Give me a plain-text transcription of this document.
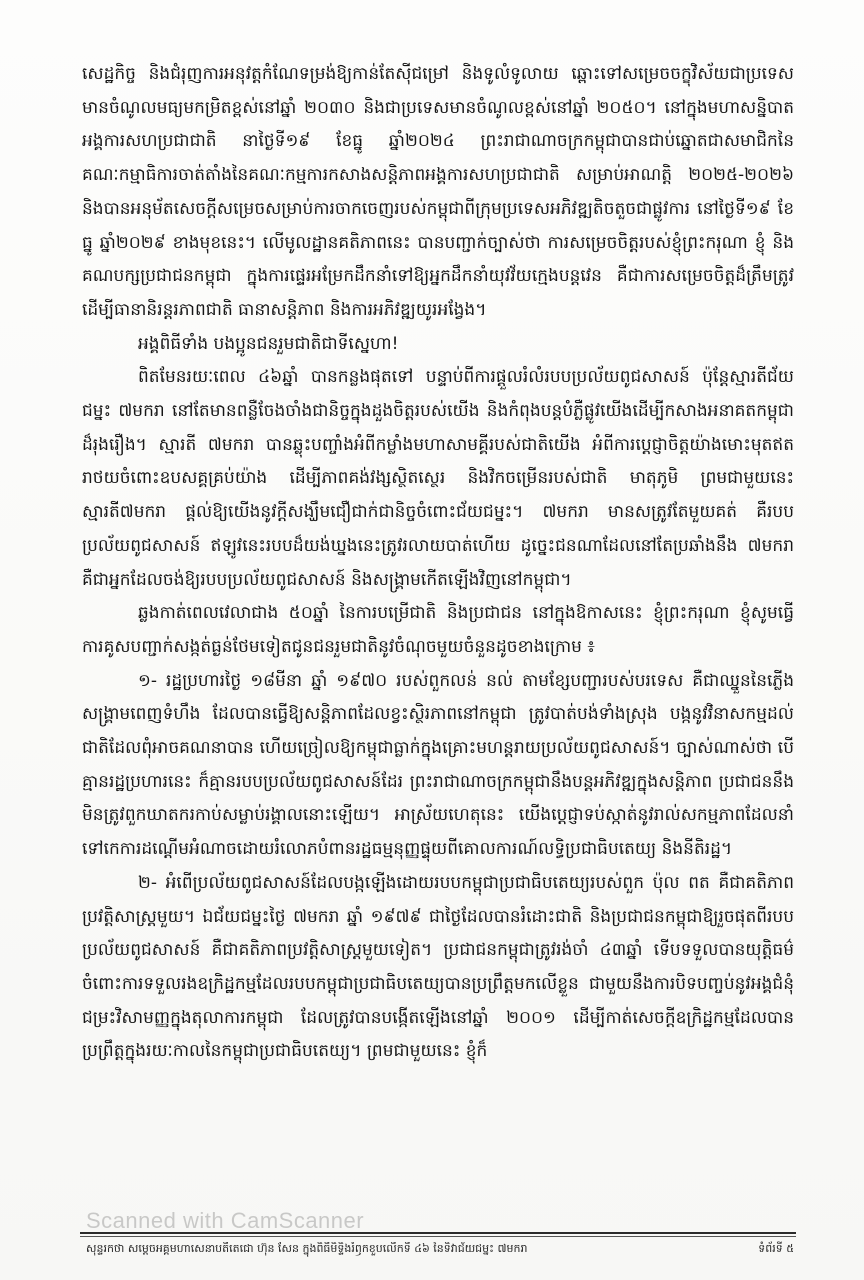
សេដ្ឋកិច្ច និងជំរុញការអនុវត្តកំណែទម្រង់ឱ្យកាន់តែស៊ីជម្រៅ និងទូលំទូលាយ ឆ្ពោះទៅសម្រេចចក្ខុវិស័យជាប្រទេសមានចំណូលមធ្យមកម្រិតខ្ពស់នៅឆ្នាំ ២០៣០ និងជាប្រទេសមានចំណូលខ្ពស់នៅឆ្នាំ ២០៥០។ នៅក្នុងមហាសន្និបាតអង្គការសហប្រជាជាតិ នាថ្ងៃទី១៩ ខែធ្នូ ឆ្នាំ២០២៤ ព្រះរាជាណាចក្រកម្ពុជាបានជាប់ឆ្នោតជាសមាជិកនៃគណៈកម្មាធិការចាត់តាំងនៃគណៈកម្មការកសាងសន្តិភាពអង្គការសហប្រជាជាតិ សម្រាប់អាណត្តិ ២០២៥-២០២៦ និងបានអនុម័តសេចក្តីសម្រេចសម្រាប់ការចាកចេញរបស់កម្ពុជាពីក្រុមប្រទេសអភិវឌ្ឍតិចតួចជាផ្លូវការ នៅថ្ងៃទី១៩ ខែធ្នូ ឆ្នាំ២០២៩ ខាងមុខនេះ។ លើមូលដ្ឋានគតិភាពនេះ បានបញ្ជាក់ច្បាស់ថា ការសម្រេចចិត្តរបស់ខ្ញុំព្រះករុណា ខ្ញុំ និងគណបក្សប្រជាជនកម្ពុជា ក្នុងការផ្ទេរអម្រែកដឹកនាំទៅឱ្យអ្នកដឹកនាំយុវវ័យក្មេងបន្តវេន គឺជាការសម្រេចចិត្តដ៏ត្រឹមត្រូវ ដើម្បីធានានិរន្តរភាពជាតិ ធានាសន្តិភាព និងការអភិវឌ្ឍយូរអង្វែង។

អង្គពិធីទាំង បងប្អូនជនរួមជាតិជាទីស្នេហា!

ពិតមែនរយៈពេល ៤៦ឆ្នាំ បានកន្លងផុតទៅ បន្ទាប់ពីការផ្តួលរំលំរបបប្រល័យពូជសាសន៍ ប៉ុន្តែស្មារតីជ័យជម្នះ ៧មករា នៅតែមានពន្លឺចែងចាំងជានិច្ចក្នុងដួងចិត្តរបស់យើង និងកំពុងបន្តបំភ្លឺផ្លូវយើងដើម្បីកសាងអនាគតកម្ពុជាដ៏រុងរឿង។ ស្មារតី ៧មករា បានឆ្លុះបញ្ចាំងអំពីកម្លាំងមហាសាមគ្គីរបស់ជាតិយើង អំពីការប្តេជ្ញាចិត្តយ៉ាងមោះមុតឥតរាថយចំពោះឧបសគ្គគ្រប់យ៉ាង ដើម្បីភាពគង់វង្សស្ថិតស្ថេរ និងវិកចម្រើនរបស់ជាតិ មាតុភូមិ ព្រមជាមួយនេះ ស្មារតី៧មករា ផ្តល់ឱ្យយើងនូវក្តីសង្ឃឹមជឿជាក់ជានិច្ចចំពោះជ័យជម្នះ។ ៧មករា មានសត្រូវតែមួយគត់ គឺរបបប្រល័យពូជសាសន៍ ឥឡូវនេះរបបដ៏យង់ឃ្នងនេះត្រូវរលាយបាត់ហើយ ដូច្នេះជនណាដែលនៅតែប្រឆាំងនឹង ៧មករា គឺជាអ្នកដែលចង់ឱ្យរបបប្រល័យពូជសាសន៍ និងសង្គ្រាមកើតឡើងវិញនៅកម្ពុជា។

ឆ្លងកាត់ពេលវេលាជាង ៥០ឆ្នាំ នៃការបម្រើជាតិ និងប្រជាជន នៅក្នុងឱកាសនេះ ខ្ញុំព្រះករុណា ខ្ញុំសូមធ្វើការគូសបញ្ជាក់សង្កត់ធ្ងន់ថែមទៀតជូនជនរួមជាតិនូវចំណុចមួយចំនួនដូចខាងក្រោម ៖

១- រដ្ឋប្រហារថ្ងៃ ១៨មីនា ឆ្នាំ ១៩៧០ របស់ពួកលន់ នល់ តាមខ្សែបញ្ជារបស់បរទេស គឺជាឈ្នួននៃភ្លើងសង្គ្រាមពេញទំហឹង ដែលបានធ្វើឱ្យសន្តិភាពដែលខ្វះស្ថិរភាពនៅកម្ពុជា ត្រូវបាត់បង់ទាំងស្រុង បង្កនូវវិនាសកម្មដល់ជាតិដែលពុំអាចគណនាបាន ហើយច្រៀលឱ្យកម្ពុជាធ្លាក់ក្នុងគ្រោះមហន្តរាយប្រល័យពូជសាសន៍។ ច្បាស់ណាស់ថា បើគ្មានរដ្ឋប្រហារនេះ ក៏គ្មានរបបប្រល័យពូជសាសន៍ដែរ ព្រះរាជាណាចក្រកម្ពុជានឹងបន្តអភិវឌ្ឍក្នុងសន្តិភាព ប្រជាជននឹងមិនត្រូវពួកឃាតករកាប់សម្លាប់រង្គាលនោះឡើយ។ អាស្រ័យហេតុនេះ យើងប្តេជ្ញាទប់ស្កាត់នូវរាល់សកម្មភាពដែលនាំទៅកេការដណ្តើមអំណាចដោយរំលោភបំពានរដ្ឋធម្មនុញ្ញផ្ទុយពីគោលការណ៍លទ្ធិប្រជាធិបតេយ្យ និងនីតិរដ្ឋ។

២- អំពើប្រល័យពូជសាសន៍ដែលបង្កឡើងដោយរបបកម្ពុជាប្រជាធិបតេយ្យរបស់ពួក ប៉ុល ពត គឺជាគតិភាពប្រវត្តិសាស្ត្រមួយ។ ឯជ័យជម្នះថ្ងៃ ៧មករា ឆ្នាំ ១៩៧៩ ជាថ្ងៃដែលបានរំដោះជាតិ និងប្រជាជនកម្ពុជាឱ្យរួចផុតពីរបបប្រល័យពូជសាសន៍ គឺជាគតិភាពប្រវត្តិសាស្ត្រមួយទៀត។ ប្រជាជនកម្ពុជាត្រូវរង់ចាំ ៤៣ឆ្នាំ ទើបទទួលបានយុត្តិធម៌ចំពោះការទទួលរងឧក្រិដ្ឋកម្មដែលរបបកម្ពុជាប្រជាធិបតេយ្យបានប្រព្រឹត្តមកលើខ្លួន ជាមួយនឹងការបិទបញ្ចប់នូវអង្គជំនុំជម្រះវិសាមញ្ញក្នុងតុលាការកម្ពុជា ដែលត្រូវបានបង្កើតឡើងនៅឆ្នាំ ២០០១ ដើម្បីកាត់សេចក្តីឧក្រិដ្ឋកម្មដែលបានប្រព្រឹត្តក្នុងរយៈកាលនៃកម្ពុជាប្រជាធិបតេយ្យ។ ព្រមជាមួយនេះ ខ្ញុំក៏

Scanned with CamScanner
សុន្ទរកថា សម្តេចអគ្គមហាសេនាបតីតេជោ ហ៊ុន សែន ក្នុងពិធីមិទ្ទិងរំឭកខួបលើកទី ៤៦ នៃទិវាជ័យជម្នះ ៧មករា	ទំព័រទី ៥
